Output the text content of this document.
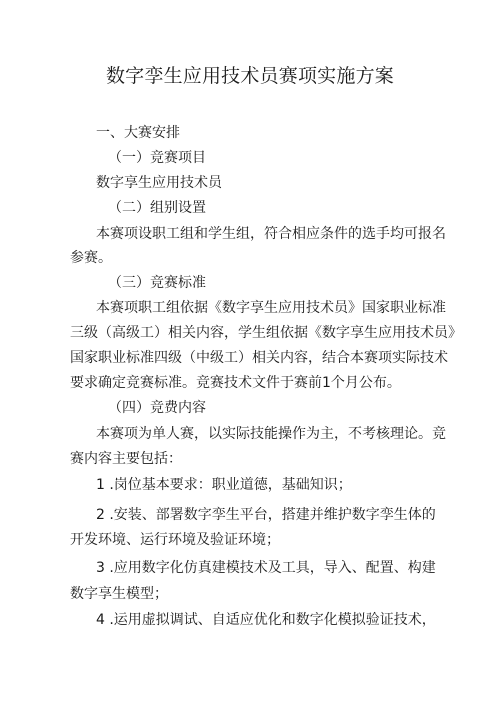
数字孪生应用技术员赛项实施方案
一、大赛安排
（一）竞赛项目
数字享生应用技术员
（二）组别设置
本赛项设职工组和学生组，符合相应条件的选手均可报名
参赛。
（三）竞赛标准
本赛项职工组依据《数字享生应用技术员》国家职业标准
三级（高级工）相关内容，学生组依据《数字享生应用技术员》
国家职业标准四级（中级工）相关内容，结合本赛项实际技术
要求确定竞赛标准。竞赛技术文件于赛前1个月公布。
（四）竞费内容
本赛项为单人赛，以实际技能操作为主，不考核理论。竞
赛内容主要包括：
1 .岗位基本要求：职业道德，基础知识；
2 .安装、部署数字孪生平台，搭建并维护数字孪生体的
开发环境、运行环境及验证环境；
3 .应用数字化仿真建模技术及工具，导入、配置、构建
数字享生模型；
4 .运用虚拟调试、自适应优化和数字化模拟验证技术，
